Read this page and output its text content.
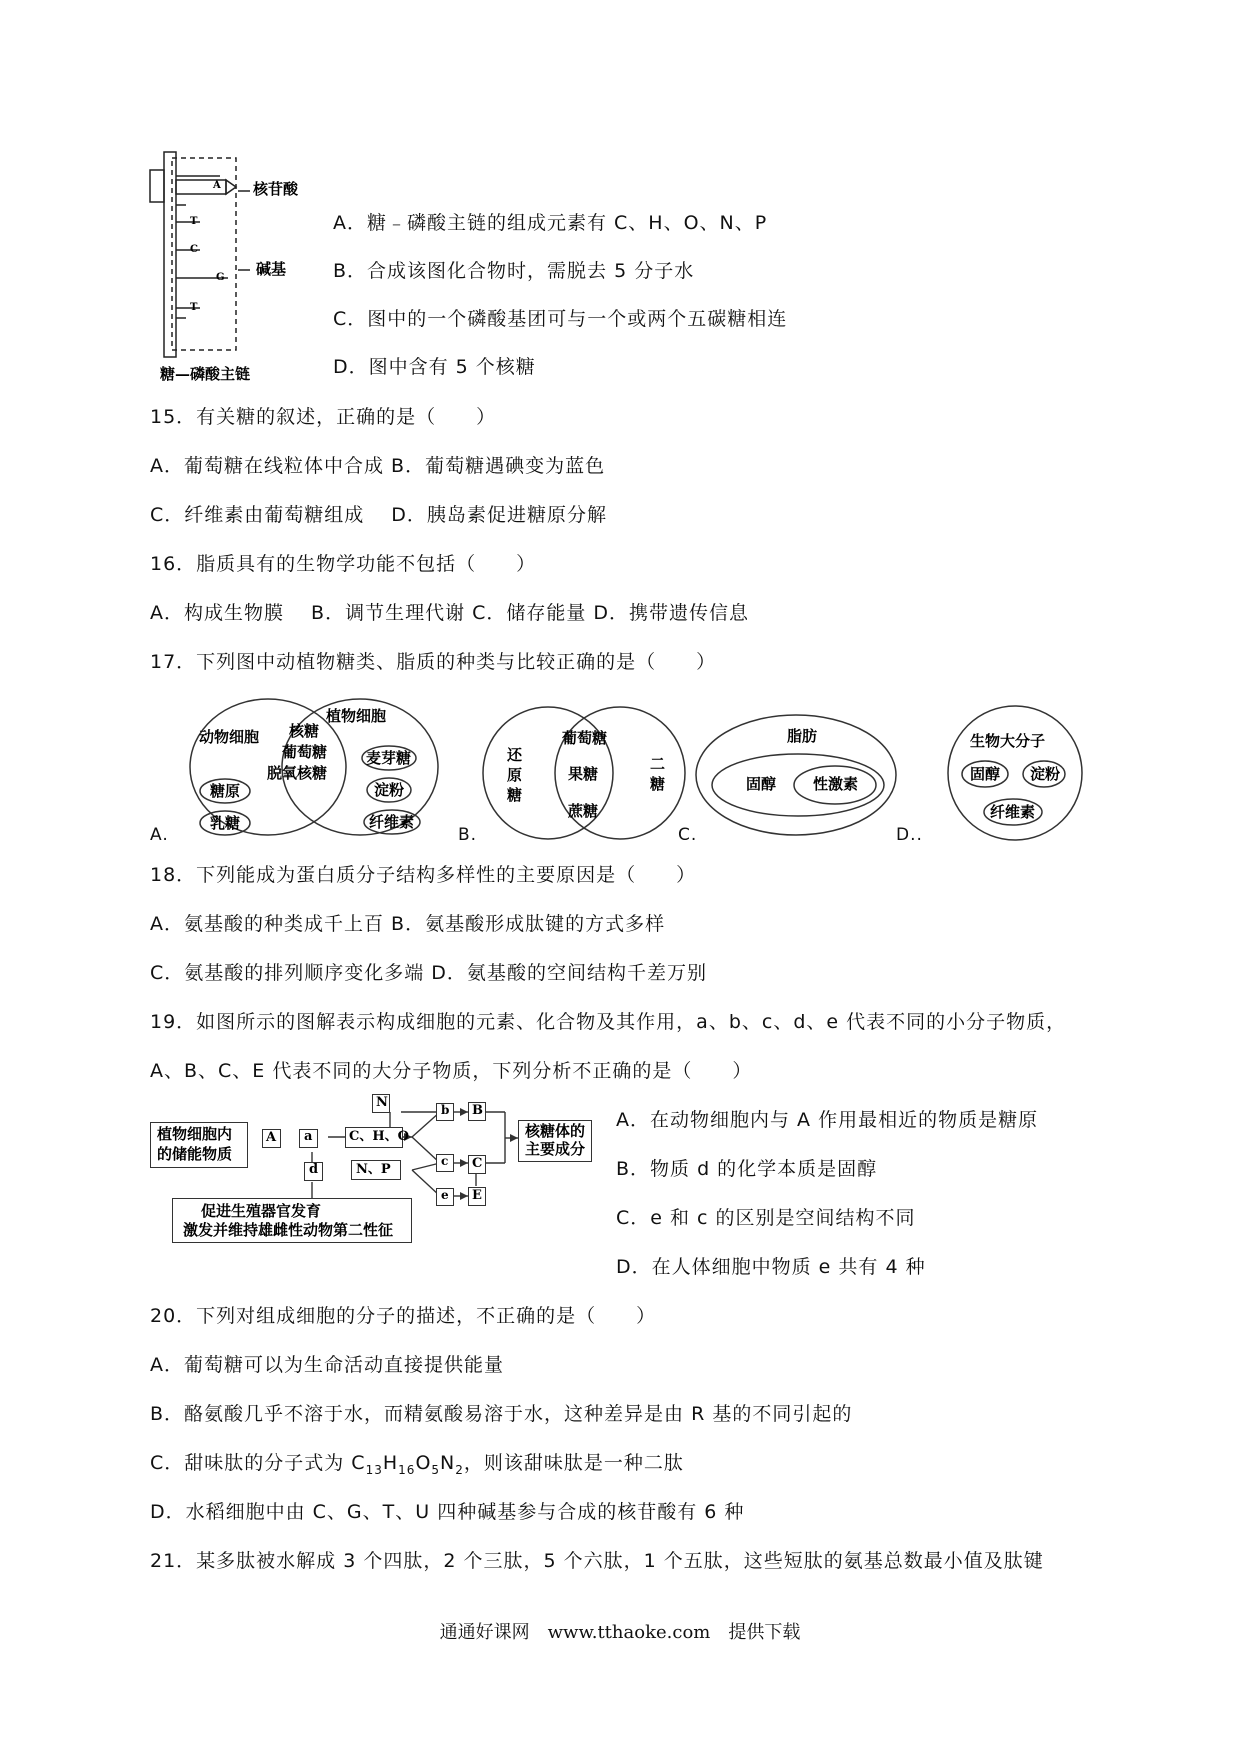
核苷酸
碱基
糖—磷酸主链
A
T
C
G
T
A．糖﹣磷酸主链的组成元素有 C、H、O、N、P
B．合成该图化合物时，需脱去 5 分子水
C．图中的一个磷酸基团可与一个或两个五碳糖相连
D．图中含有 5 个核糖
15．有关糖的叙述，正确的是（　　）
A．葡萄糖在线粒体中合成 B．葡萄糖遇碘变为蓝色
C．纤维素由葡萄糖组成　 D．胰岛素促进糖原分解
16．脂质具有的生物学功能不包括（　　）
A．构成生物膜　 B．调节生理代谢 C．储存能量 D．携带遗传信息
17．下列图中动植物糖类、脂质的种类与比较正确的是（　　）
A.
动物细胞
植物细胞
核糖
葡萄糖
脱氧核糖
糖原
乳糖
麦芽糖
淀粉
纤维素
B.
还
原
糖
二
糖
葡萄糖
果糖
蔗糖
C.
脂肪
固醇 性激素
D..
生物大分子
固醇 淀粉
纤维素
18．下列能成为蛋白质分子结构多样性的主要原因是（　　）
A．氨基酸的种类成千上百 B．氨基酸形成肽键的方式多样
C．氨基酸的排列顺序变化多端 D．氨基酸的空间结构千差万别
19．如图所示的图解表示构成细胞的元素、化合物及其作用，a、b、c、d、e 代表不同的小分子物质，
A、B、C、E 代表不同的大分子物质，下列分析不正确的是（　　）
植物细胞内
的储能物质
A a	C、H、O
N
N、P
b B
c C
e E
d
核糖体的
主要成分
促进生殖器官发育
激发并维持雄雌性动物第二性征
A．在动物细胞内与 A 作用最相近的物质是糖原
B．物质 d 的化学本质是固醇
C．e 和 c 的区别是空间结构不同
D．在人体细胞中物质 e 共有 4 种
20．下列对组成细胞的分子的描述，不正确的是（　　）
A．葡萄糖可以为生命活动直接提供能量
B．酪氨酸几乎不溶于水，而精氨酸易溶于水，这种差异是由 R 基的不同引起的
C．甜味肽的分子式为 $C_{13}H_{16}O_5N_2$，则该甜味肽是一种二肽
D．水稻细胞中由 C、G、T、U 四种碱基参与合成的核苷酸有 6 种
21．某多肽被水解成 3 个四肽，2 个三肽，5 个六肽，1 个五肽，这些短肽的氨基总数最小值及肽键
通通好课网　www.tthaoke.com　提供下载
